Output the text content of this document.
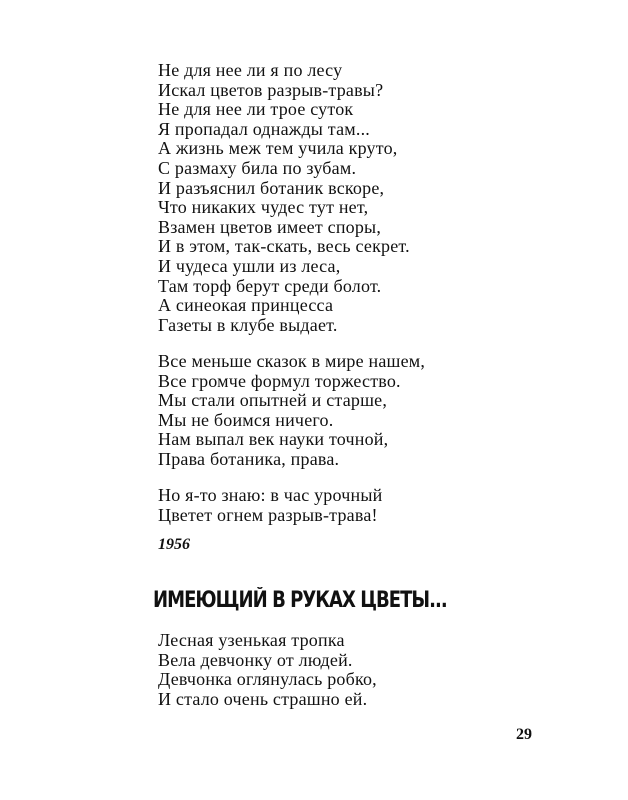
Не для нее ли я по лесу
Искал цветов разрыв-травы?
Не для нее ли трое суток
Я пропадал однажды там...
А жизнь меж тем учила круто,
С размаху била по зубам.
И разъяснил ботаник вскоре,
Что никаких чудес тут нет,
Взамен цветов имеет споры,
И в этом, так-скать, весь секрет.
И чудеса ушли из леса,
Там торф берут среди болот.
А синеокая принцесса
Газеты в клубе выдает.
Все меньше сказок в мире нашем,
Все громче формул торжество.
Мы стали опытней и старше,
Мы не боимся ничего.
Нам выпал век науки точной,
Права ботаника, права.
Но я-то знаю: в час урочный
Цветет огнем разрыв-трава!
1956
ИМЕЮЩИЙ В РУКАХ ЦВЕТЫ...
Лесная узенькая тропка
Вела девчонку от людей.
Девчонка оглянулась робко,
И стало очень страшно ей.
29
